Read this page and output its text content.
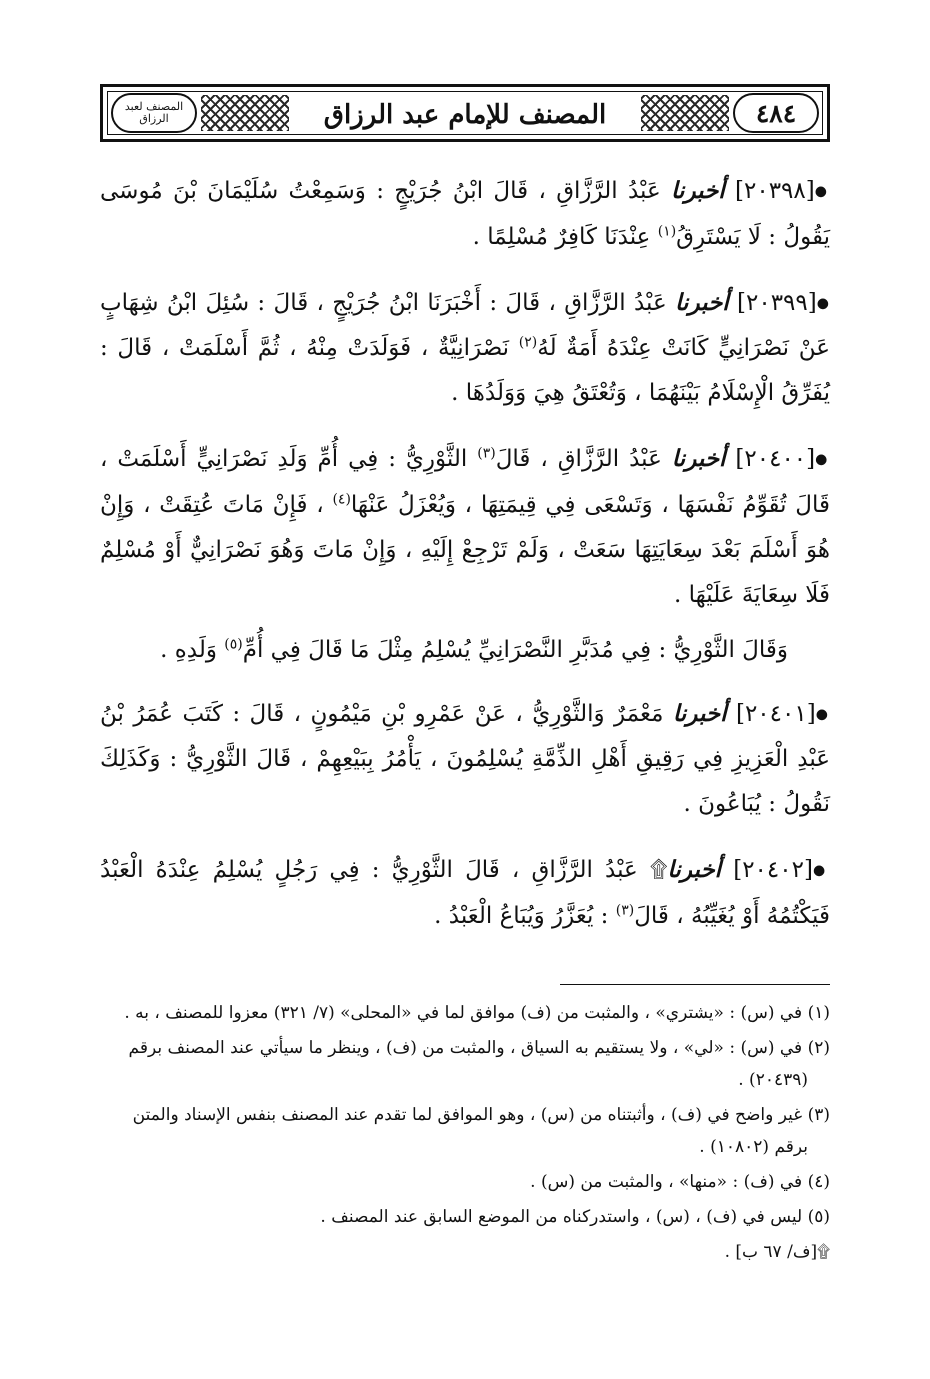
المصنف لعبد الرزاق	المصنف للإمام عبد الرزاق	٤٨٤

●[٢٠٣٩٨] أخبرنا عَبْدُ الرَّزَّاقِ ، قَالَ ابْنُ جُرَيْجٍ : وَسَمِعْتُ سُلَيْمَانَ بْنَ مُوسَى يَقُولُ : لَا يَسْتَرِقُ$^{(١)}$ عِنْدَنَا كَافِرٌ مُسْلِمًا .

●[٢٠٣٩٩] أخبرنا عَبْدُ الرَّزَّاقِ ، قَالَ : أَخْبَرَنَا ابْنُ جُرَيْجٍ ، قَالَ : سُئِلَ ابْنُ شِهَابٍ عَنْ نَصْرَانِيٍّ كَانَتْ عِنْدَهُ أَمَةٌ لَهُ$^{(٢)}$ نَصْرَانِيَّةٌ ، فَوَلَدَتْ مِنْهُ ، ثُمَّ أَسْلَمَتْ ، قَالَ : يُفَرِّقُ الْإِسْلَامُ بَيْنَهُمَا ، وَتُعْتَقُ هِيَ وَوَلَدُهَا .

●[٢٠٤٠٠] أخبرنا عَبْدُ الرَّزَّاقِ ، قَالَ$^{(٣)}$ الثَّوْرِيُّ : فِي أُمِّ وَلَدِ نَصْرَانِيٍّ أَسْلَمَتْ ، قَالَ تُقَوِّمُ نَفْسَهَا ، وَتَسْعَى فِي قِيمَتِهَا ، وَيُعْزَلُ عَنْهَا$^{(٤)}$ ، فَإِنْ مَاتَ عُتِقَتْ ، وَإِنْ هُوَ أَسْلَمَ بَعْدَ سِعَايَتِهَا سَعَتْ ، وَلَمْ تَرْجِعْ إِلَيْهِ ، وَإِنْ مَاتَ وَهُوَ نَصْرَانِيٌّ أَوْ مُسْلِمٌ فَلَا سِعَايَةَ عَلَيْهَا .

وَقَالَ الثَّوْرِيُّ : فِي مُدَبَّرِ النَّصْرَانِيِّ يُسْلِمُ مِثْلَ مَا قَالَ فِي أُمِّ$^{(٥)}$ وَلَدِهِ .

●[٢٠٤٠١] أخبرنا مَعْمَرٌ وَالثَّوْرِيُّ ، عَنْ عَمْرِو بْنِ مَيْمُونٍ ، قَالَ : كَتَبَ عُمَرُ بْنُ عَبْدِ الْعَزِيزِ فِي رَقِيقِ أَهْلِ الذِّمَّةِ يُسْلِمُونَ ، يَأْمُرُ بِبَيْعِهِمْ ، قَالَ الثَّوْرِيُّ : وَكَذَلِكَ نَقُولُ : يُبَاعُونَ .

●[٢٠٤٠٢] أخبرنا۩ عَبْدُ الرَّزَّاقِ ، قَالَ الثَّوْرِيُّ : فِي رَجُلٍ يُسْلِمُ عِنْدَهُ الْعَبْدُ فَيَكْتُمُهُ أَوْ يُغَيِّبُهُ ، قَالَ$^{(٣)}$ : يُعَزَّرُ وَيُبَاعُ الْعَبْدُ .

(١) في (س) : «يشتري» ، والمثبت من (ف) موافق لما في «المحلى» (٧/ ٣٢١) معزوا للمصنف ، به .
(٢) في (س) : «لي» ، ولا يستقيم به السياق ، والمثبت من (ف) ، وينظر ما سيأتي عند المصنف برقم
(٢٠٤٣٩) .
(٣) غير واضح في (ف) ، وأثبتناه من (س) ، وهو الموافق لما تقدم عند المصنف بنفس الإسناد والمتن
برقم (١٠٨٠٢) .
(٤) في (ف) : «منها» ، والمثبت من (س) .
(٥) ليس في (ف) ، (س) ، واستدركناه من الموضع السابق عند المصنف .
۩[ف/ ٦٧ ب] .
